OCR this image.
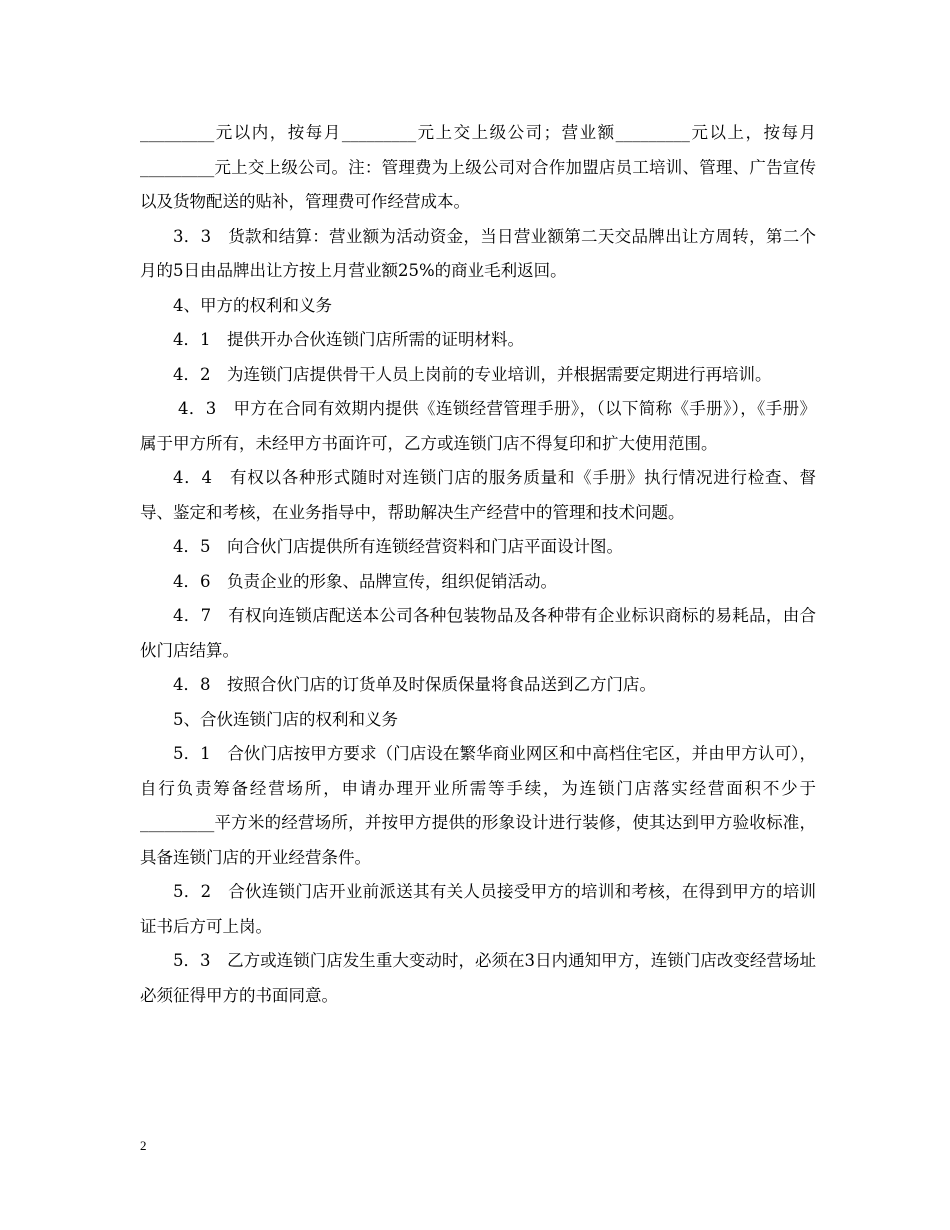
_________元以内，按每月_________元上交上级公司；营业额_________元以上，按每月_________元上交上级公司。注：管理费为上级公司对合作加盟店员工培训、管理、广告宣传以及货物配送的贴补，管理费可作经营成本。

3．3　货款和结算：营业额为活动资金，当日营业额第二天交品牌出让方周转，第二个月的5日由品牌出让方按上月营业额25%的商业毛利返回。

4、甲方的权利和义务

4．1　提供开办合伙连锁门店所需的证明材料。

4．2　为连锁门店提供骨干人员上岗前的专业培训，并根据需要定期进行再培训。

4．3　甲方在合同有效期内提供《连锁经营管理手册》，（以下简称《手册》），《手册》属于甲方所有，未经甲方书面许可，乙方或连锁门店不得复印和扩大使用范围。

4．4　有权以各种形式随时对连锁门店的服务质量和《手册》执行情况进行检查、督导、鉴定和考核，在业务指导中，帮助解决生产经营中的管理和技术问题。

4．5　向合伙门店提供所有连锁经营资料和门店平面设计图。

4．6　负责企业的形象、品牌宣传，组织促销活动。

4．7　有权向连锁店配送本公司各种包装物品及各种带有企业标识商标的易耗品，由合伙门店结算。

4．8　按照合伙门店的订货单及时保质保量将食品送到乙方门店。

5、合伙连锁门店的权利和义务

5．1　合伙门店按甲方要求（门店设在繁华商业网区和中高档住宅区，并由甲方认可），自行负责筹备经营场所，申请办理开业所需等手续，为连锁门店落实经营面积不少于_________平方米的经营场所，并按甲方提供的形象设计进行装修，使其达到甲方验收标准，具备连锁门店的开业经营条件。

5．2　合伙连锁门店开业前派送其有关人员接受甲方的培训和考核，在得到甲方的培训证书后方可上岗。

5．3　乙方或连锁门店发生重大变动时，必须在3日内通知甲方，连锁门店改变经营场址必须征得甲方的书面同意。

2
